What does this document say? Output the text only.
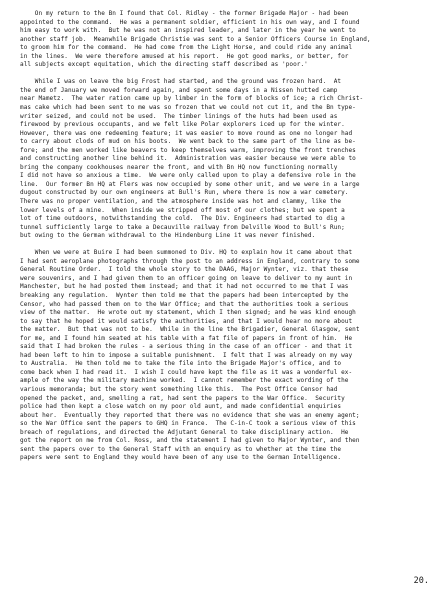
On my return to the Bn I found that Col. Ridley - the former Brigade Major - had been
appointed to the command.  He was a permanent soldier, efficient in his own way, and I found
him easy to work with.  But he was not an inspired leader, and later in the year he went to
another staff job.  Meanwhile Brigade Christie was sent to a Senior Officers Course in England,
to groom him for the command.  He had come from the Light Horse, and could ride any animal
in the lines.  We were therefore amused at his report.  He got good marks, or better, for
all subjects except equitation, which the directing staff described as 'poor.'

While I was on leave the big Frost had started, and the ground was frozen hard.  At
the end of January we moved forward again, and spent some days in a Nissen hutted camp
near Mametz.  The water ration came up by limber in the form of blocks of ice; a rich Christ-
mas cake which had been sent to me was so frozen that we could not cut it, and the Bn type-
writer seized, and could not be used.  The timber linings of the huts had been used as
firewood by previous occupants, and we felt like Polar explorers iced up for the winter.
However, there was one redeeming feature; it was easier to move round as one no longer had
to carry about clods of mud on his boots.  We went back to the same part of the line as be-
fore; and the men worked like beavers to keep themselves warm, improving the front trenches
and constructing another line behind it.  Administration was easier because we were able to
bring the company cookhouses nearer the front, and with Bn HQ now functioning normally
I did not have so anxious a time.  We were only called upon to play a defensive role in the
line.  Our former Bn HQ at Flers was now occupied by some other unit, and we were in a large
dugout constructed by our own engineers at Bull's Run, where there is now a war cemetery.
There was no proper ventilation, and the atmosphere inside was hot and clammy, like the
lower levels of a mine.  When inside we stripped off most of our clothes; but we spent a
lot of time outdoors, notwithstanding the cold.  The Div. Engineers had started to dig a
tunnel sufficiently large to take a Decauville railway from Delville Wood to Bull's Run;
but owing to the German withdrawal to the Hindenburg Line it was never finished.

When we were at Buire I had been summoned to Div. HQ to explain how it came about that
I had sent aeroplane photographs through the post to an address in England, contrary to some
General Routine Order.  I told the whole story to the DAAG, Major Wynter, viz. that these
were souvenirs, and I had given them to an officer going on leave to deliver to my aunt in
Manchester, but he had posted them instead; and that it had not occurred to me that I was
breaking any regulation.  Wynter then told me that the papers had been intercepted by the
Censor, who had passed them on to the War Office; and that the authorities took a serious
view of the matter.  He wrote out my statement, which I then signed; and he was kind enough
to say that he hoped it would satisfy the authorities, and that I would hear no more about
the matter.  But that was not to be.  While in the line the Brigadier, General Glasgow, sent
for me, and I found him seated at his table with a fat file of papers in front of him.  He
said that I had broken the rules - a serious thing in the case of an officer - and that it
had been left to him to impose a suitable punishment.  I felt that I was already on my way
to Australia.  He then told me to take the file into the Brigade Major's office, and to
come back when I had read it.  I wish I could have kept the file as it was a wonderful ex-
ample of the way the military machine worked.  I cannot remember the exact wording of the
various memoranda; but the story went something like this.  The Post Office Censor had
opened the packet, and, smelling a rat, had sent the papers to the War Office.  Security
police had then kept a close watch on my poor old aunt, and made confidential enquiries
about her.  Eventually they reported that there was no evidence that she was an enemy agent;
so the War Office sent the papers to GHQ in France.  The C-in-C took a serious view of this
breach of regulations, and directed the Adjutant General to take disciplinary action.  He
got the report on me from Col. Ross, and the statement I had given to Major Wynter, and then
sent the papers over to the General Staff with an enquiry as to whether at the time the
papers were sent to England they would have been of any use to the German Intelligence.

20.
